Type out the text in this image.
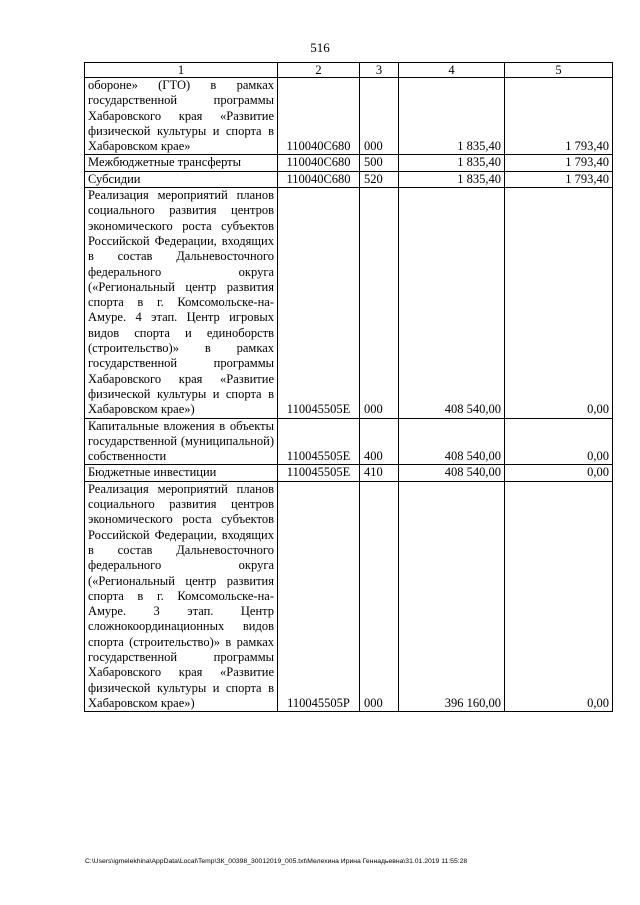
516
1	2	3	4	5
обороне» (ГТО) в рамках государственной программы Хабаровского края «Развитие физической культуры и спорта в Хабаровском крае»	110040С680	000	1 835,40	1 793,40
Межбюджетные трансферты	110040С680	500	1 835,40	1 793,40
Субсидии	110040С680	520	1 835,40	1 793,40
Реализация мероприятий планов социального развития центров экономического роста субъектов Российской Федерации, входящих в состав Дальневосточного федерального округа («Региональный центр развития спорта в г. Комсомольске-на-Амуре. 4 этап. Центр игровых видов спорта и единоборств (строительство)» в рамках государственной программы Хабаровского края «Развитие физической культуры и спорта в Хабаровском крае»)	110045505Е	000	408 540,00	0,00
Капитальные вложения в объекты государственной (муниципальной) собственности	110045505Е	400	408 540,00	0,00
Бюджетные инвестиции	110045505Е	410	408 540,00	0,00
Реализация мероприятий планов социального развития центров экономического роста субъектов Российской Федерации, входящих в состав Дальневосточного федерального округа («Региональный центр развития спорта в г. Комсомольске-на-Амуре. 3 этап. Центр сложнокоординационных видов спорта (строительство)» в рамках государственной программы Хабаровского края «Развитие физической культуры и спорта в Хабаровском крае»)	110045505Р	000	396 160,00	0,00
C:\Users\igmelekhina\AppData\Local\Temp\ЗК_00398_30012019_005.txt\Мелехина Ирина Геннадьевна\31.01.2019 11:55:28
